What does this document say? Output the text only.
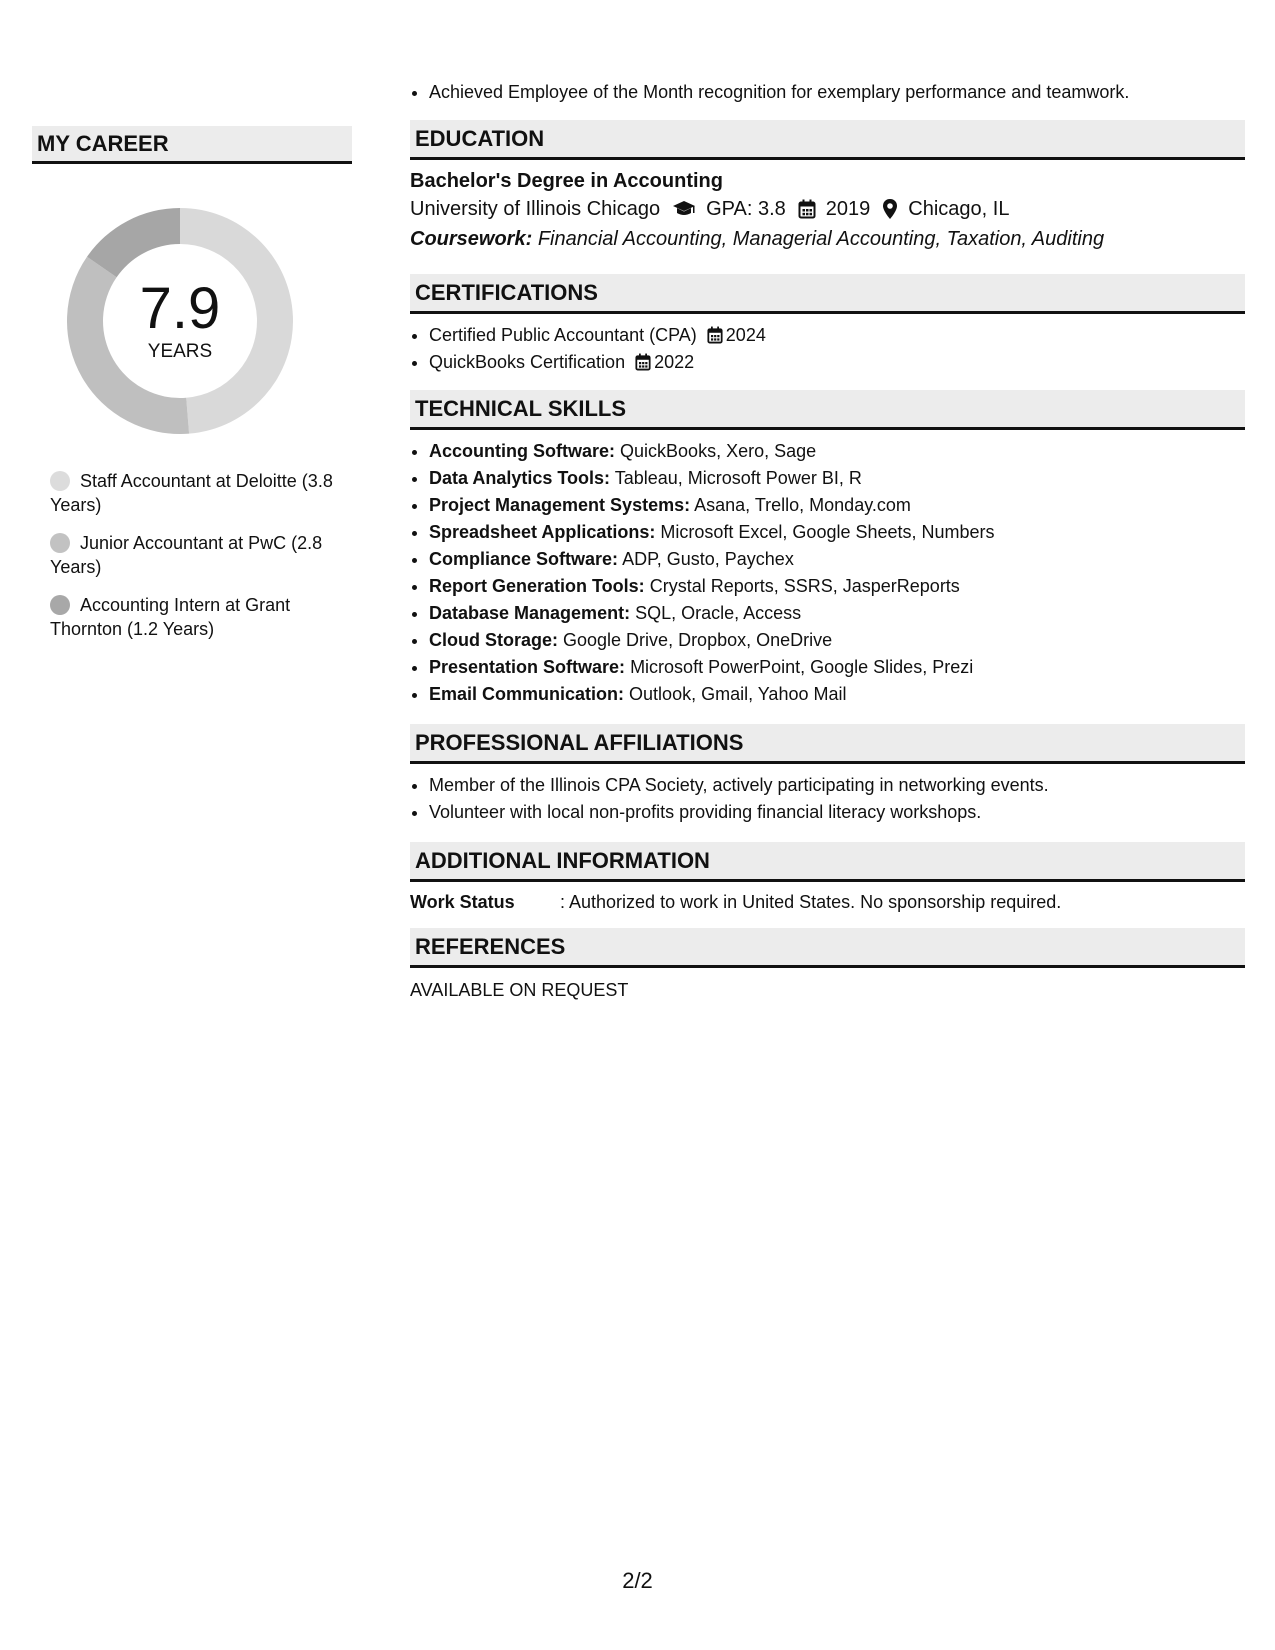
MY CAREER
7.9
YEARS
Staff Accountant at Deloitte (3.8 Years)
Junior Accountant at PwC (2.8 Years)
Accounting Intern at Grant Thornton (1.2 Years)
• Achieved Employee of the Month recognition for exemplary performance and teamwork.
EDUCATION
Bachelor's Degree in Accounting
University of Illinois Chicago GPA: 3.8 2019 Chicago, IL
Coursework: Financial Accounting, Managerial Accounting, Taxation, Auditing
CERTIFICATIONS
• Certified Public Accountant (CPA) 2024
• QuickBooks Certification 2022
TECHNICAL SKILLS
• Accounting Software: QuickBooks, Xero, Sage
• Data Analytics Tools: Tableau, Microsoft Power BI, R
• Project Management Systems: Asana, Trello, Monday.com
• Spreadsheet Applications: Microsoft Excel, Google Sheets, Numbers
• Compliance Software: ADP, Gusto, Paychex
• Report Generation Tools: Crystal Reports, SSRS, JasperReports
• Database Management: SQL, Oracle, Access
• Cloud Storage: Google Drive, Dropbox, OneDrive
• Presentation Software: Microsoft PowerPoint, Google Slides, Prezi
• Email Communication: Outlook, Gmail, Yahoo Mail
PROFESSIONAL AFFILIATIONS
• Member of the Illinois CPA Society, actively participating in networking events.
• Volunteer with local non-profits providing financial literacy workshops.
ADDITIONAL INFORMATION
Work Status	: Authorized to work in United States. No sponsorship required.
REFERENCES
AVAILABLE ON REQUEST
2/2
